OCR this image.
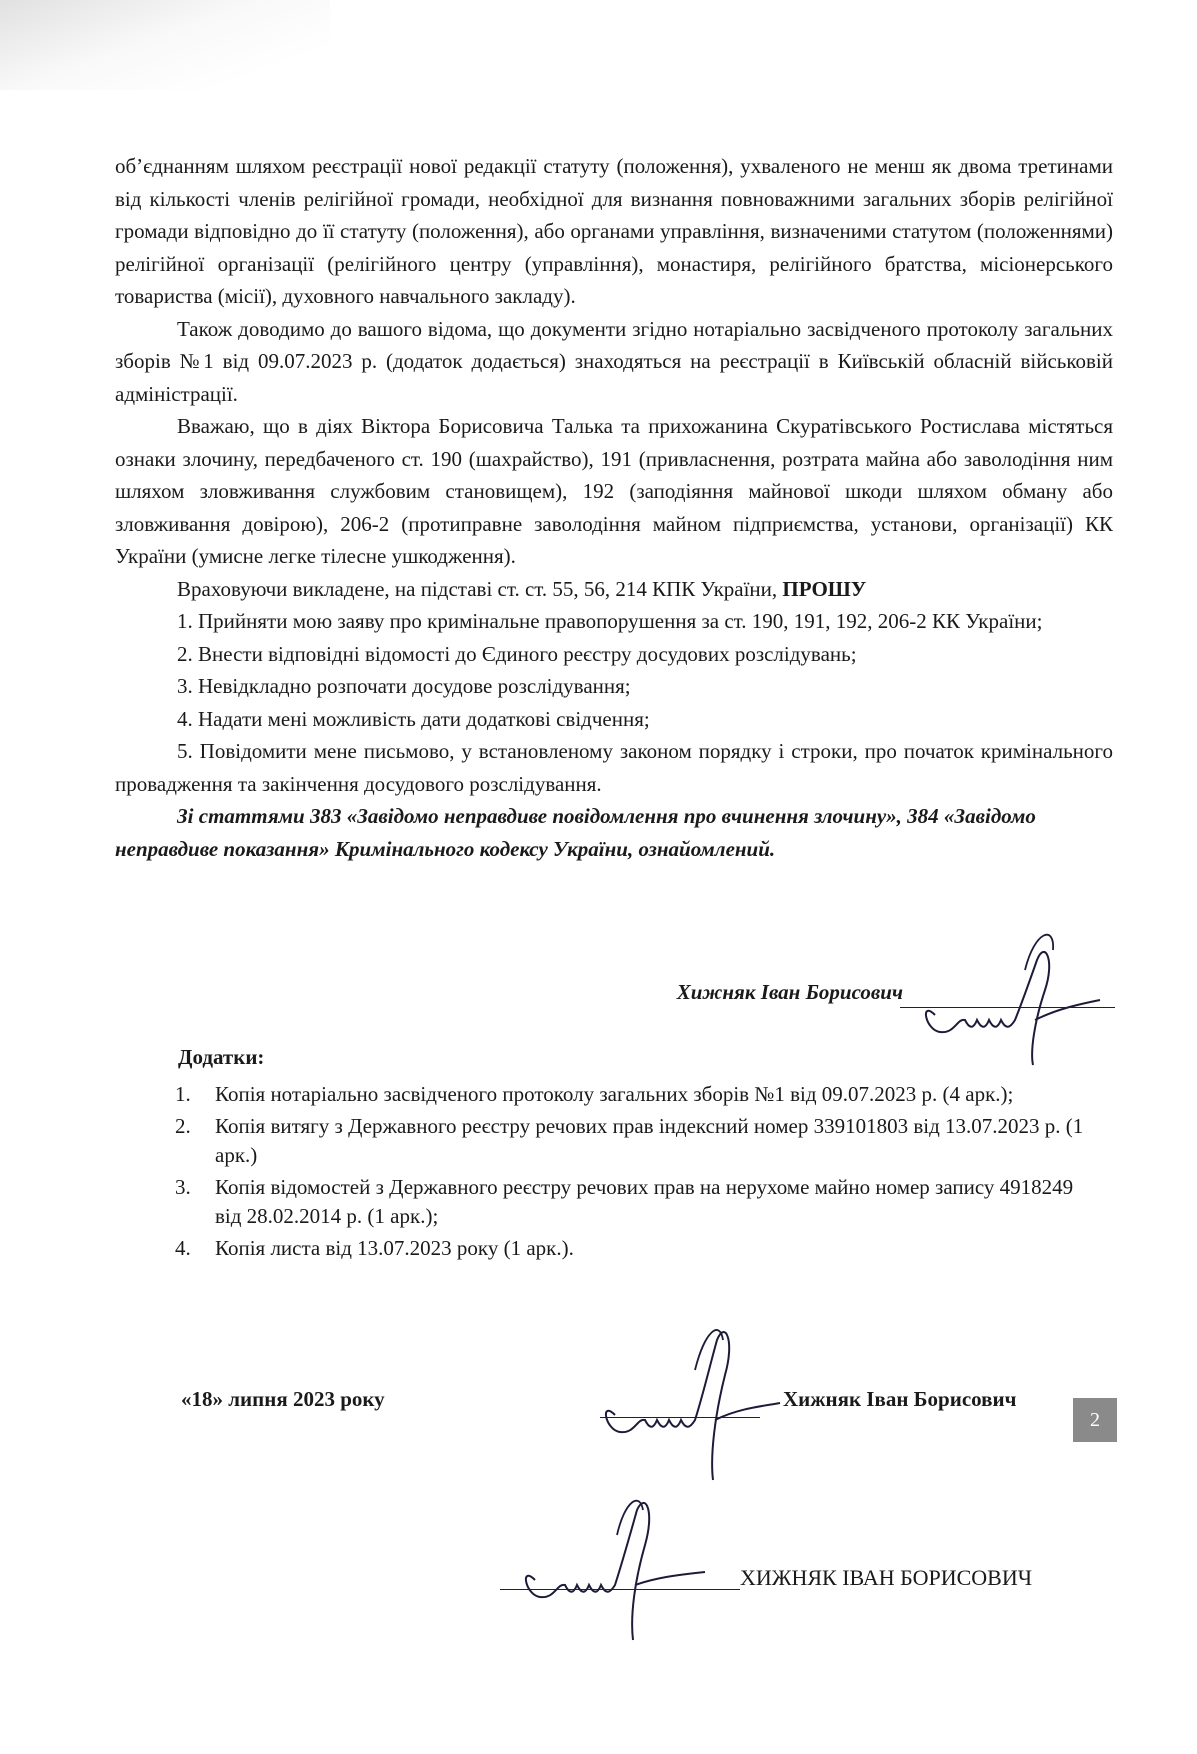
об’єднанням шляхом реєстрації нової редакції статуту (положення), ухваленого не менш як двома третинами від кількості членів релігійної громади, необхідної для визнання повноважними загальних зборів релігійної громади відповідно до її статуту (положення), або органами управління, визначеними статутом (положеннями) релігійної організації (релігійного центру (управління), монастиря, релігійного братства, місіонерського товариства (місії), духовного навчального закладу).

Також доводимо до вашого відома, що документи згідно нотаріально засвідченого протоколу загальних зборів №1 від 09.07.2023 р. (додаток додається) знаходяться на реєстрації в Київській обласній військовій адміністрації.

Вважаю, що в діях Віктора Борисовича Талька та прихожанина Скуратівського Ростислава містяться ознаки злочину, передбаченого ст. 190 (шахрайство), 191 (привласнення, розтрата майна або заволодіння ним шляхом зловживання службовим становищем), 192 (заподіяння майнової шкоди шляхом обману або зловживання довірою), 206-2 (протиправне заволодіння майном підприємства, установи, організації) КК України (умисне легке тілесне ушкодження).

Враховуючи викладене, на підставі ст. ст. 55, 56, 214 КПК України, ПРОШУ

1. Прийняти мою заяву про кримінальне правопорушення за ст. 190, 191, 192, 206-2 КК України;

2. Внести відповідні відомості до Єдиного реєстру досудових розслідувань;

3. Невідкладно розпочати досудове розслідування;

4. Надати мені можливість дати додаткові свідчення;

5. Повідомити мене письмово, у встановленому законом порядку і строки, про початок кримінального провадження та закінчення досудового розслідування.

Зі статтями 383 «Завідомо неправдиве повідомлення про вчинення злочину», 384 «Завідомо неправдиве показання» Кримінального кодексу України, ознайомлений.

Хижняк Іван Борисович
Додатки:
1. Копія нотаріально засвідченого протоколу загальних зборів №1 від 09.07.2023 р. (4 арк.);
2. Копія витягу з Державного реєстру речових прав індексний номер 339101803 від 13.07.2023 р. (1 арк.)
3. Копія відомостей з Державного реєстру речових прав на нерухоме майно номер запису 4918249 від 28.02.2014 р. (1 арк.);
4. Копія листа від 13.07.2023 року (1 арк.).
«18» липня 2023 року	Хижняк Іван Борисович
ХИЖНЯК ІВАН БОРИСОВИЧ
2
